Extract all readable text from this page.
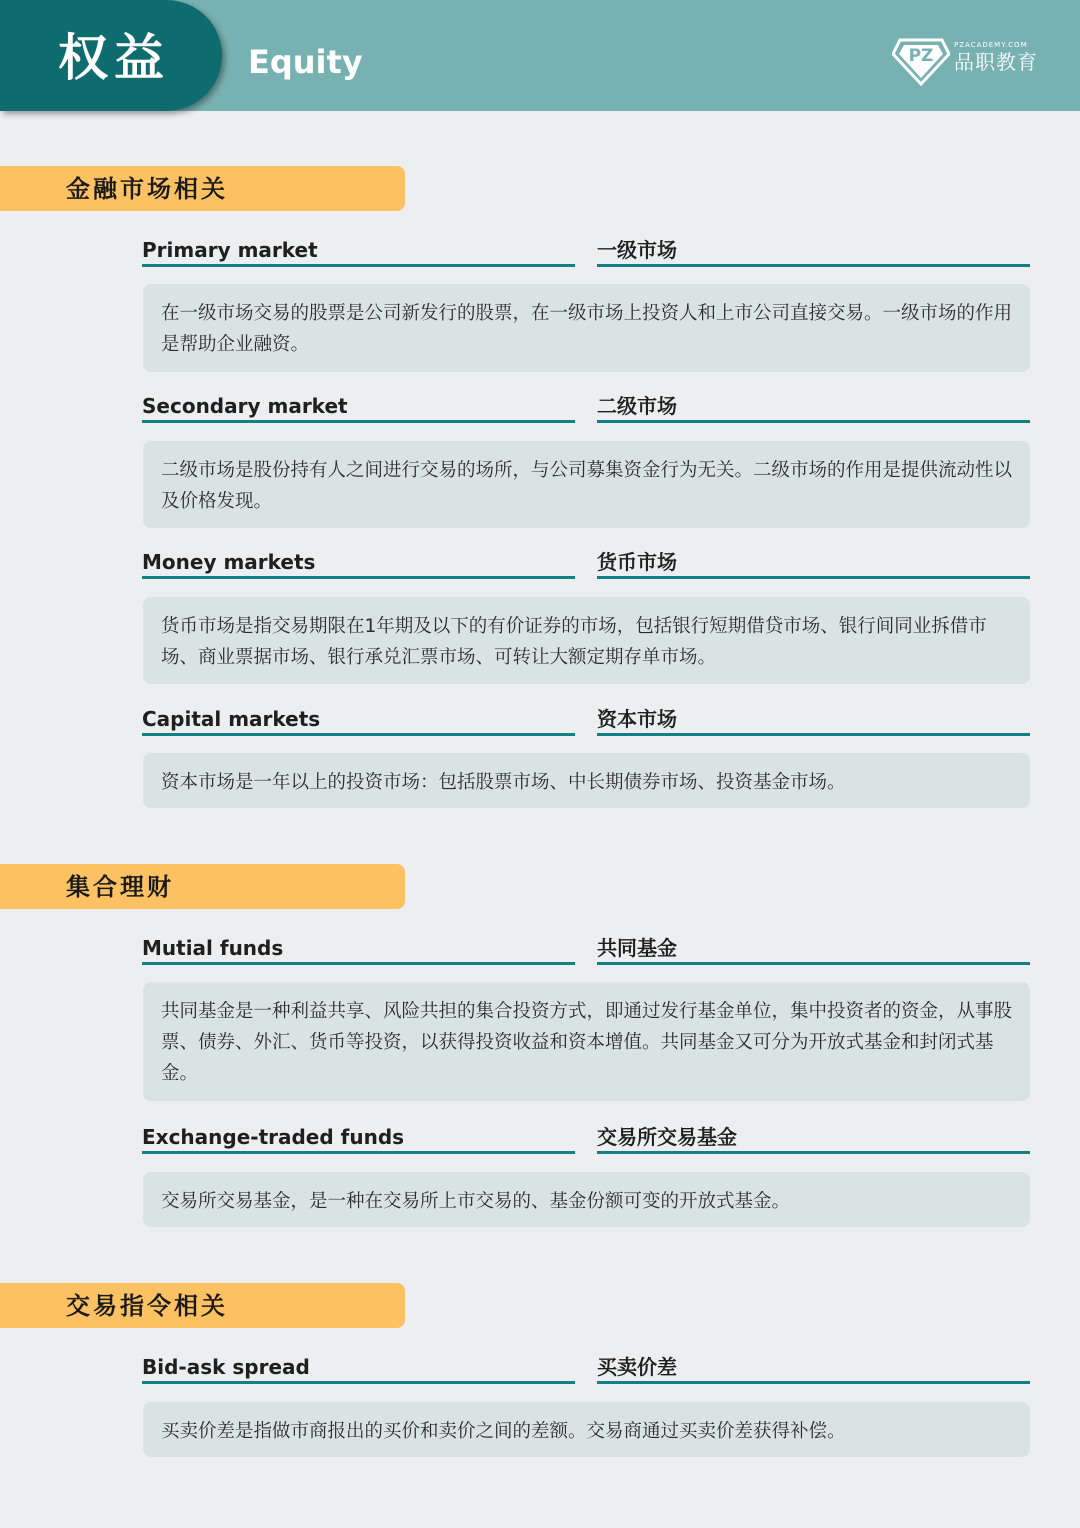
权益	Equity	PZ
PZACADEMY.COM
品职教育
金融市场相关
Primary market	一级市场
在一级市场交易的股票是公司新发行的股票，在一级市场上投资人和上市公司直接交易。一级市场的作用是帮助企业融资。
Secondary market	二级市场
二级市场是股份持有人之间进行交易的场所，与公司募集资金行为无关。二级市场的作用是提供流动性以及价格发现。
Money markets	货币市场
货币市场是指交易期限在1年期及以下的有价证券的市场，包括银行短期借贷市场、银行间同业拆借市场、商业票据市场、银行承兑汇票市场、可转让大额定期存单市场。
Capital markets	资本市场
资本市场是一年以上的投资市场：包括股票市场、中长期债券市场、投资基金市场。
集合理财
Mutial funds	共同基金
共同基金是一种利益共享、风险共担的集合投资方式，即通过发行基金单位，集中投资者的资金，从事股票、债券、外汇、货币等投资，以获得投资收益和资本增值。共同基金又可分为开放式基金和封闭式基金。
Exchange-traded funds	交易所交易基金
交易所交易基金，是一种在交易所上市交易的、基金份额可变的开放式基金。
交易指令相关
Bid-ask spread	买卖价差
买卖价差是指做市商报出的买价和卖价之间的差额。交易商通过买卖价差获得补偿。
